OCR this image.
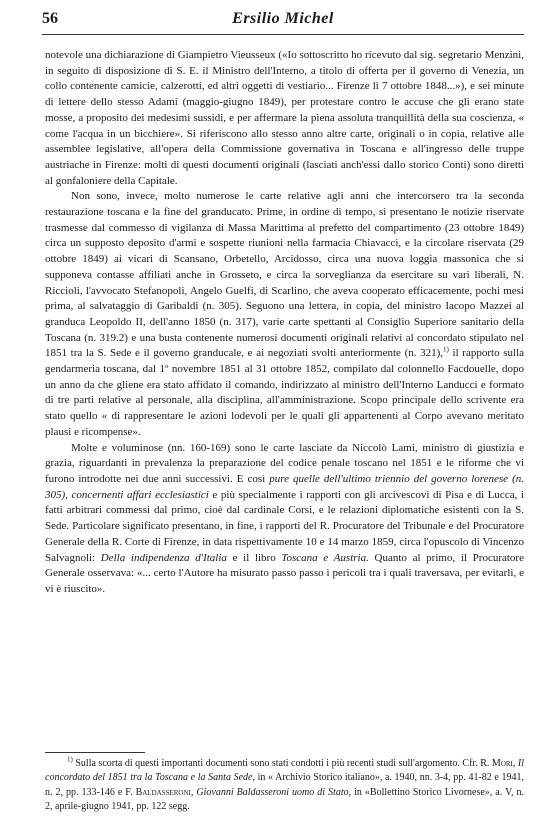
56	Ersilio Michel

notevole una dichiarazione di Giampietro Vieusseux («Io sottoscritto ho ricevuto dal sig. segretario Menzini, in seguito di disposizione di S. E. il Ministro dell'Interno, a titolo di offerta per il governo di Venezia, un collo contenente camicie, calzerotti, ed altri oggetti di vestiario... Firenze lì 7 ottobre 1848...»), e sei minute di lettere dello stesso Adami (maggio-giugno 1849), per protestare contro le accuse che gli erano state mosse, a proposito dei medesimi sussidi, e per affermare la piena assoluta tranquillità della sua coscienza, « come l'acqua in un bicchiere». Si riferiscono allo stesso anno altre carte, originali o in copia, relative alle assemblee legislative, all'opera della Commissione governativa in Toscana e all'ingresso delle truppe austriache in Firenze: molti di questi documenti originali (lasciati anch'essi dallo storico Conti) sono diretti al gonfaloniere della Capitale.

Non sono, invece, molto numerose le carte relative agli anni che intercorsero tra la seconda restaurazione toscana e la fine del granducato. Prime, in ordine di tempo, si presentano le notizie riservate trasmesse dal commesso di vigilanza di Massa Marittima al prefetto del compartimento (23 ottobre 1849) circa un supposto deposito d'armi e sospette riunioni nella farmacia Chiavacci, e la circolare riservata (29 ottobre 1849) ai vicari di Scansano, Orbetello, Arcidosso, circa una nuova loggia massonica che si supponeva contasse affiliati anche in Grosseto, e circa la sorveglianza da esercitare su vari liberali, N. Riccioli, l'avvocato Stefanopoli, Angelo Guelfi, di Scarlino, che aveva cooperato efficacemente, pochi mesi prima, al salvataggio di Garibaldi (n. 305). Seguono una lettera, in copia, del ministro Iacopo Mazzei al granduca Leopoldo II, dell'anno 1850 (n. 317), varie carte spettanti al Consiglio Superiore sanitario della Toscana (n. 319.2) e una busta contenente numerosi documenti originali relativi al concordato stipulato nel 1851 tra la S. Sede e il governo granducale, e ai negoziati svolti anteriormente (n. 321),$^{1)}$ il rapporto sulla gendarmeria toscana, dal 1º novembre 1851 al 31 ottobre 1852, compilato dal colonnello Facdouelle, dopo un anno da che gliene era stato affidato il comando, indirizzato al ministro dell'Interno Landucci e formato di tre parti relative al personale, alla disciplina, all'amministrazione. Scopo principale dello scrivente era stato quello « di rappresentare le azioni lodevoli per le quali gli appartenenti al Corpo avevano meritato plausi e ricompense».

Molte e voluminose (nn. 160-169) sono le carte lasciate da Niccolò Lami, ministro di giustizia e grazia, riguardanti in prevalenza la preparazione del codice penale toscano nel 1851 e le riforme che vi furono introdotte nei due anni successivi. E così pure quelle dell'ultimo triennio del governo lorenese (n. 305), concernenti affari ecclesiastici e più specialmente i rapporti con gli arcivescovi di Pisa e di Lucca, i fatti arbitrari commessi dal primo, cioè dal cardinale Corsi, e le relazioni diplomatiche esistenti con la S. Sede. Particolare significato presentano, in fine, i rapporti del R. Procuratore del Tribunale e del Procuratore Generale della R. Corte di Firenze, in data rispettivamente 10 e 14 marzo 1859, circa l'opuscolo di Vincenzo Salvagnoli: Della indipendenza d'Italia e il libro Toscana e Austria. Quanto al primo, il Procuratore Generale osservava: «... certo l'Autore ha misurato passo passo i pericoli tra i quali traversava, per evitarli, e vi è riuscito».

$^{1)}$ Sulla scorta di questi importanti documenti sono stati condotti i più recenti studi sull'argomento. Cfr. R. Mori, Il concordato del 1851 tra la Toscana e la Santa Sede, in « Archivio Storico italiano», a. 1940, nn. 3-4, pp. 41-82 e 1941, n. 2, pp. 133-146 e F. Baldasseroni, Giovanni Baldasseroni uomo di Stato, in «Bollettino Storico Livornese», a. V, n. 2, aprile-giugno 1941, pp. 122 segg.
